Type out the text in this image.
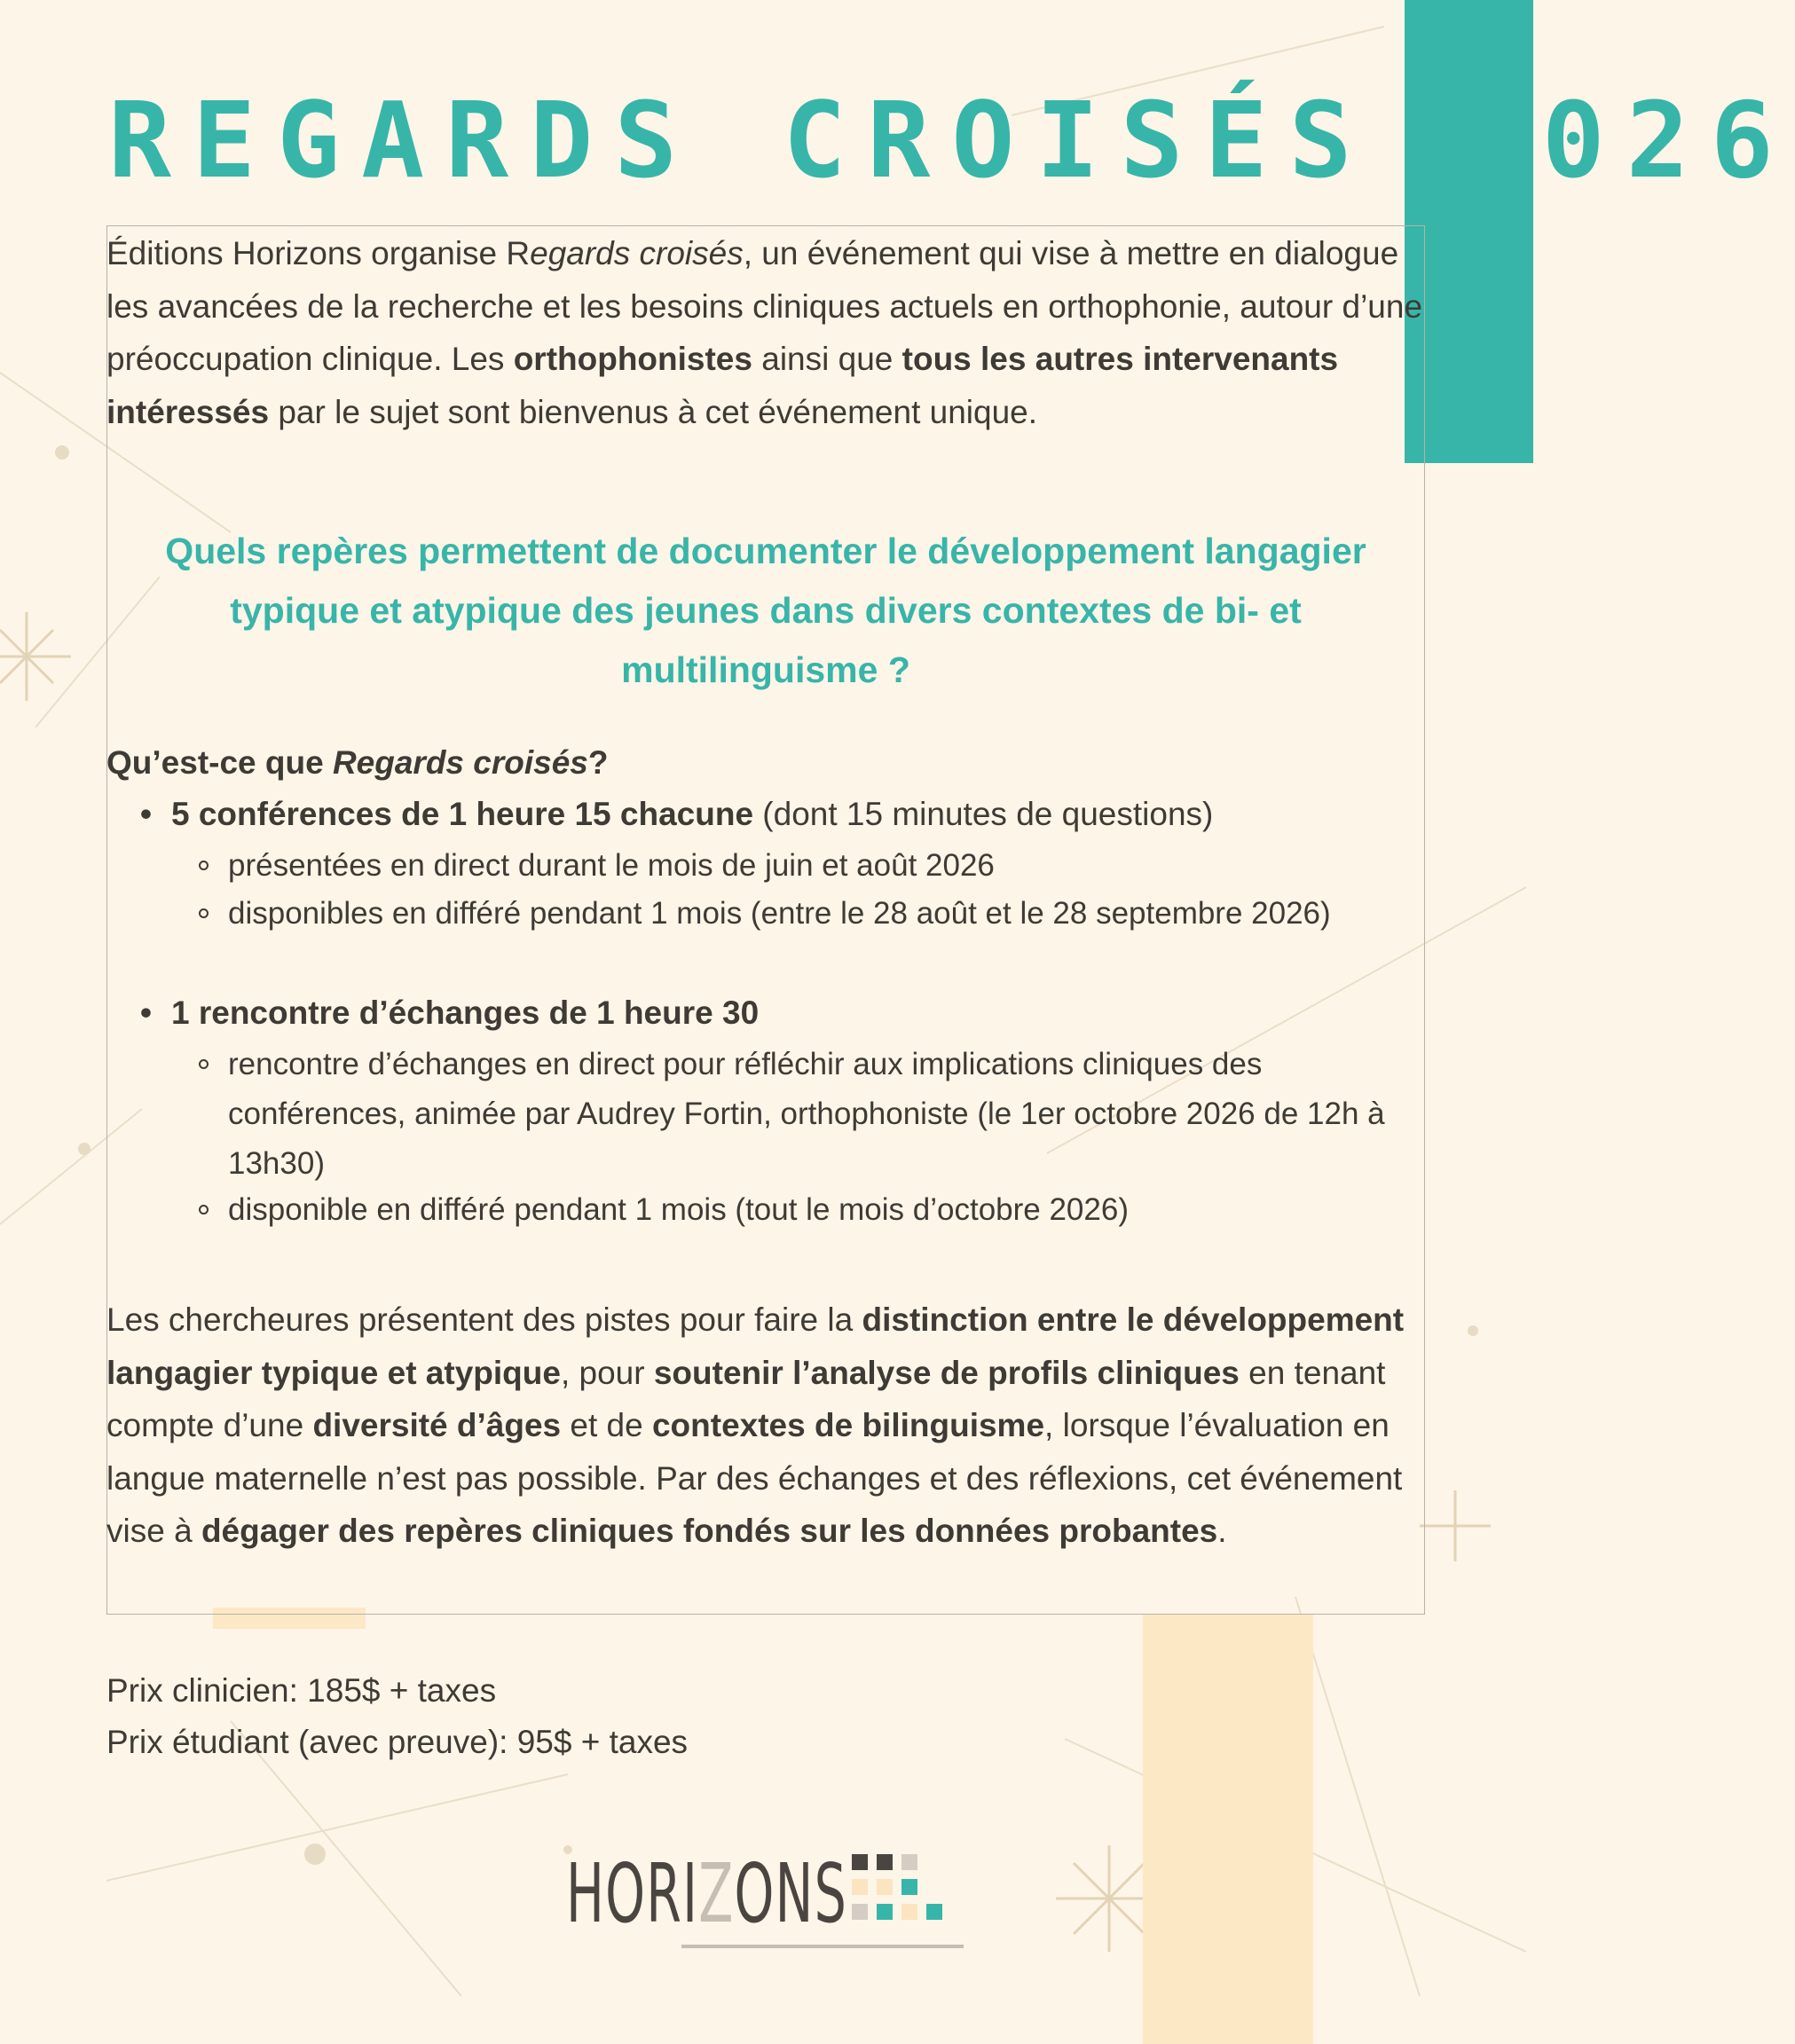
REGARDS CROISÉS 2026

Éditions Horizons organise Regards croisés, un événement qui vise à mettre en dialogue les avancées de la recherche et les besoins cliniques actuels en orthophonie, autour d’une préoccupation clinique. Les orthophonistes ainsi que tous les autres intervenants intéressés par le sujet sont bienvenus à cet événement unique.

Quels repères permettent de documenter le développement langagier typique et atypique des jeunes dans divers contextes de bi- et multilinguisme ?

Qu’est-ce que Regards croisés?

• 5 conférences de 1 heure 15 chacune (dont 15 minutes de questions)
présentées en direct durant le mois de juin et août 2026
disponibles en différé pendant 1 mois (entre le 28 août et le 28 septembre 2026)
• 1 rencontre d’échanges de 1 heure 30
rencontre d’échanges en direct pour réfléchir aux implications cliniques des conférences, animée par Audrey Fortin, orthophoniste (le 1er octobre 2026 de 12h à 13h30)
disponible en différé pendant 1 mois (tout le mois d’octobre 2026)

Les chercheures présentent des pistes pour faire la distinction entre le développement langagier typique et atypique, pour soutenir l’analyse de profils cliniques en tenant compte d’une diversité d’âges et de contextes de bilinguisme, lorsque l’évaluation en langue maternelle n’est pas possible. Par des échanges et des réflexions, cet événement vise à dégager des repères cliniques fondés sur les données probantes.

Prix clinicien: 185$ + taxes

Prix étudiant (avec preuve): 95$ + taxes

HORIZONS
